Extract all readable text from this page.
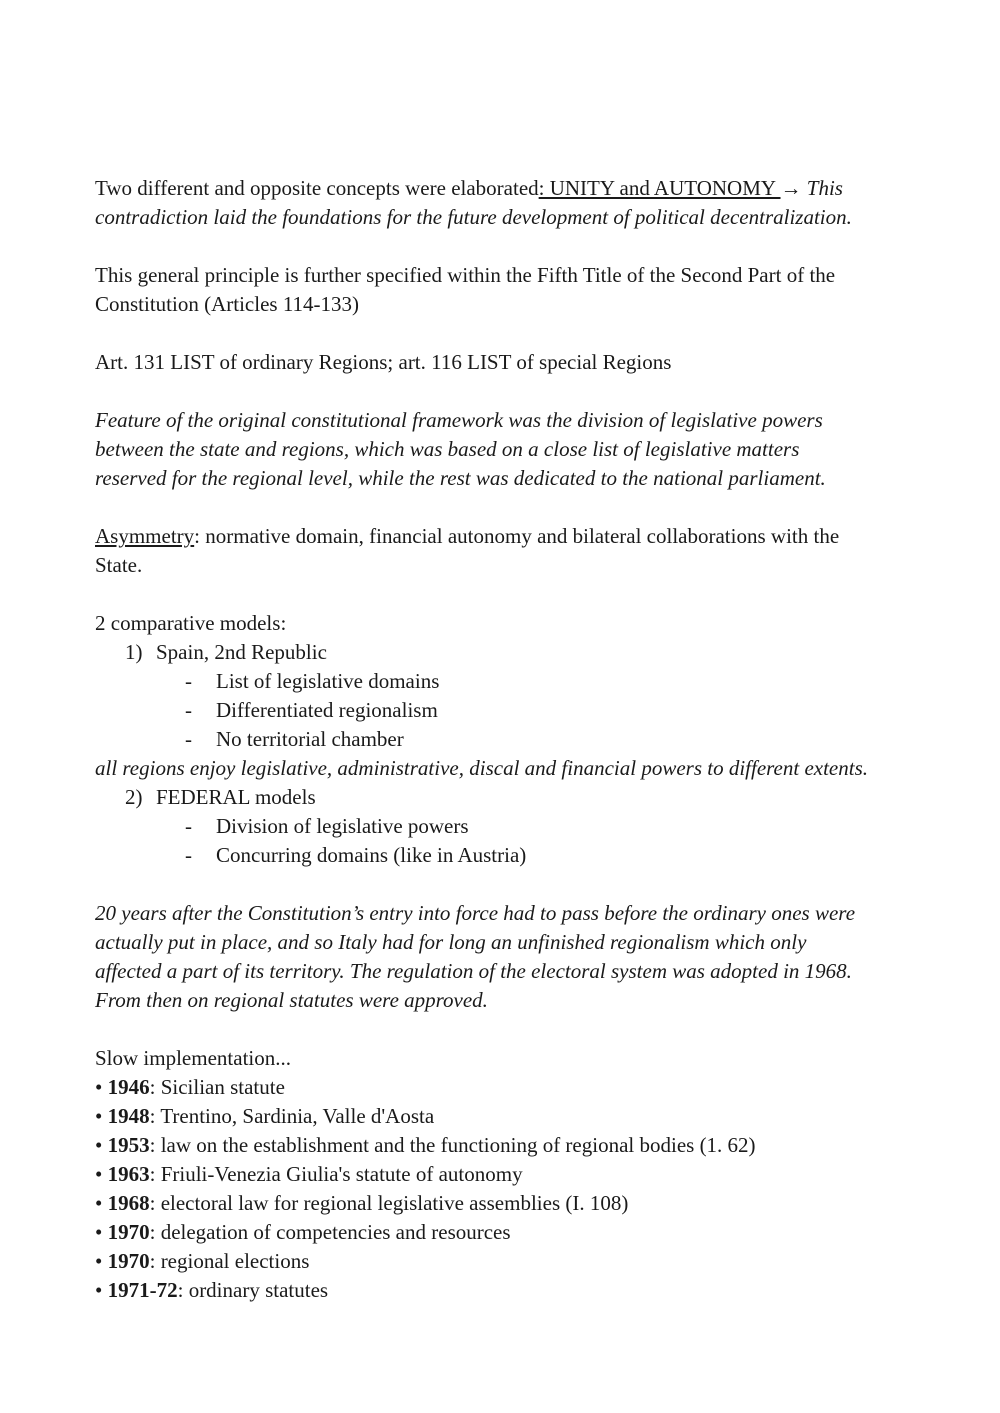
Two different and opposite concepts were elaborated: UNITY and AUTONOMY → This
contradiction laid the foundations for the future development of political decentralization.
This general principle is further specified within the Fifth Title of the Second Part of the
Constitution (Articles 114-133)
Art. 131 LIST of ordinary Regions; art. 116 LIST of special Regions
Feature of the original constitutional framework was the division of legislative powers
between the state and regions, which was based on a close list of legislative matters
reserved for the regional level, while the rest was dedicated to the national parliament.
Asymmetry: normative domain, financial autonomy and bilateral collaborations with the
State.
2 comparative models:
1) Spain, 2nd Republic
- List of legislative domains
- Differentiated regionalism
- No territorial chamber
all regions enjoy legislative, administrative, discal and financial powers to different extents.
2) FEDERAL models
- Division of legislative powers
- Concurring domains (like in Austria)
20 years after the Constitution’s entry into force had to pass before the ordinary ones were
actually put in place, and so Italy had for long an unfinished regionalism which only
affected a part of its territory. The regulation of the electoral system was adopted in 1968.
From then on regional statutes were approved.
Slow implementation...
• 1946: Sicilian statute
• 1948: Trentino, Sardinia, Valle d'Aosta
• 1953: law on the establishment and the functioning of regional bodies (1. 62)
• 1963: Friuli-Venezia Giulia's statute of autonomy
• 1968: electoral law for regional legislative assemblies (I. 108)
• 1970: delegation of competencies and resources
• 1970: regional elections
• 1971-72: ordinary statutes
